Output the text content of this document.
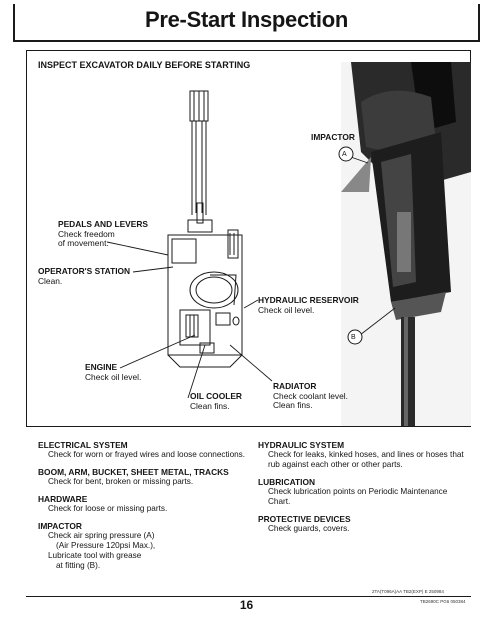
Pre-Start Inspection
INSPECT EXCAVATOR DAILY BEFORE STARTING
A
B
IMPACTOR
PEDALS AND LEVERS
Check freedom
of movement.
OPERATOR'S STATION
Clean.
HYDRAULIC RESERVOIR
Check oil level.
ENGINE
Check oil level.
OIL COOLER
Clean fins.
RADIATOR
Check coolant level.
Clean fins.
ELECTRICAL SYSTEM
Check for worn or frayed wires and loose connections.
BOOM, ARM, BUCKET, SHEET METAL, TRACKS
Check for bent, broken or missing parts.
HARDWARE
Check for loose or missing parts.
IMPACTOR
Check air spring pressure (A)
(Air Pressure 120psi Max.),
Lubricate tool with grease
at fitting (B).
HYDRAULIC SYSTEM
Check for leaks, kinked hoses, and lines or hoses that
rub against each other or other parts.
LUBRICATION
Check lubrication points on Periodic Maintenance
Chart.
PROTECTIVE DEVICES
Check guards, covers.
2TA(T096A)AA TB2(EXP) E 250984
16	TB2690C PG6 050384
